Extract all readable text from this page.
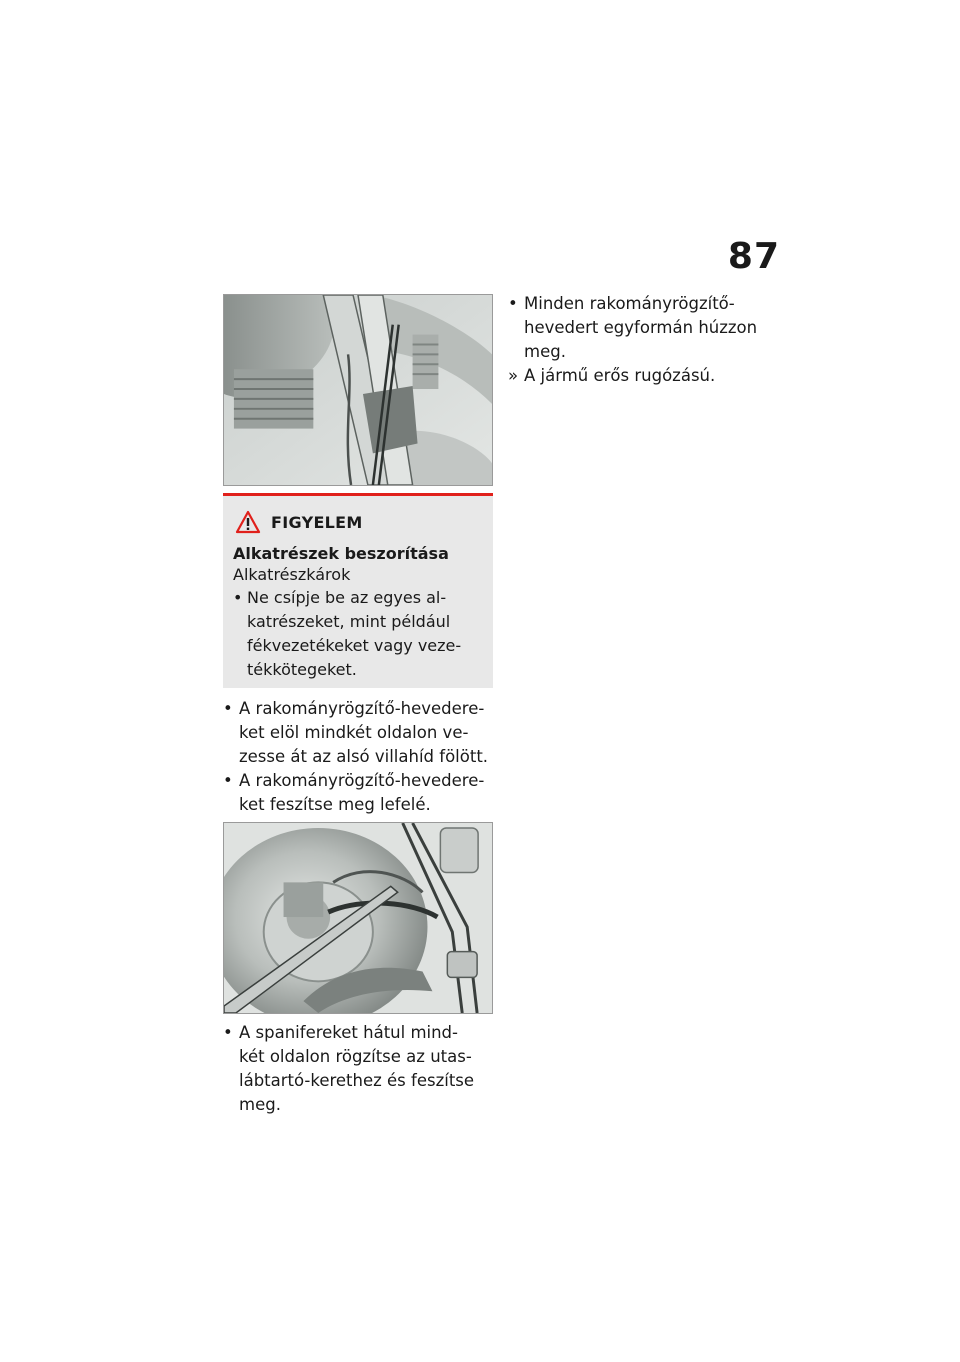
87
FIGYELEM
Alkatrészek beszorítása
Alkatrészkárok
• Ne csípje be az egyes al-
katrészeket, mint például
fékvezetékeket vagy veze-
tékkötegeket.
• A rakományrögzítő-hevedere-
ket elöl mindkét oldalon ve-
zesse át az alsó villahíd fölött.
• A rakományrögzítő-hevedere-
ket feszítse meg lefelé.
• A spanifereket hátul mind-
két oldalon rögzítse az utas-
lábtartó-kerethez és feszítse
meg.
• Minden rakományrögzítő-
hevedert egyformán húzzon
meg.
» A jármű erős rugózású.
